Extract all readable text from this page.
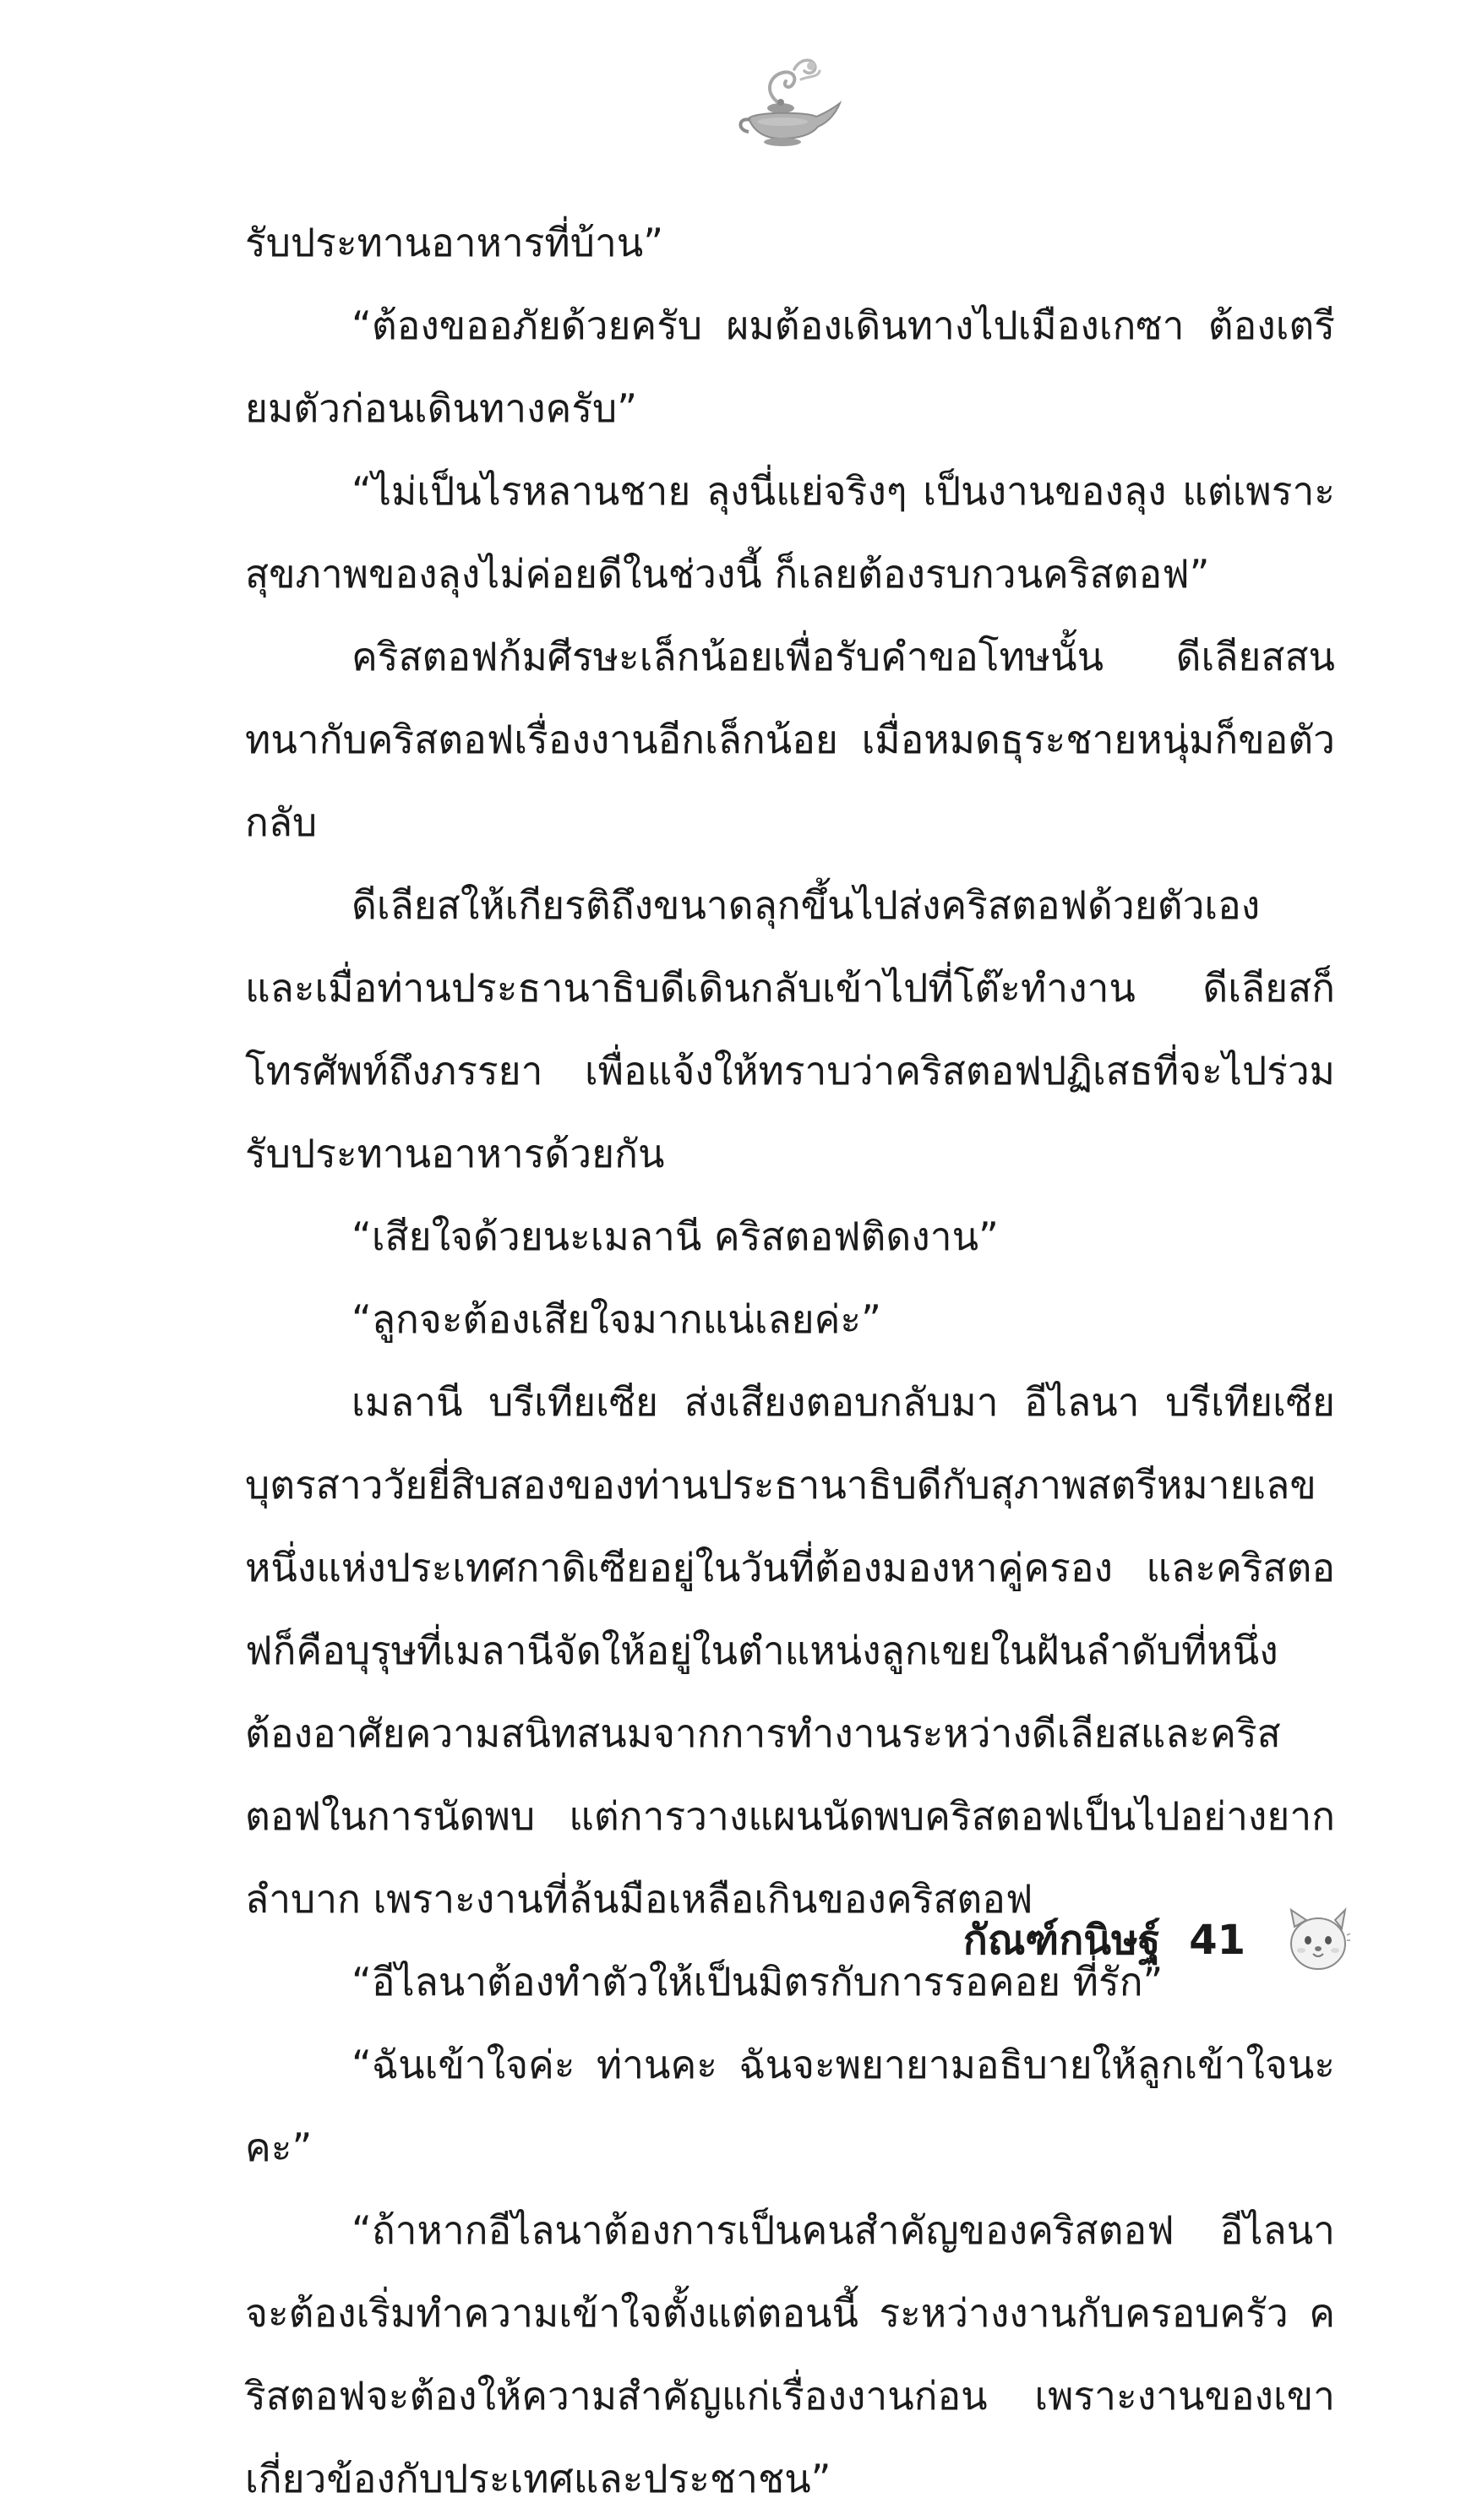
รับประทานอาหารที่บ้าน”

“ต้องขออภัยด้วยครับ ผมต้องเดินทางไปเมืองเกซา ต้องเตรียมตัวก่อนเดินทางครับ”

“ไม่เป็นไรหลานชาย ลุงนี่แย่จริงๆ เป็นงานของลุง แต่เพราะสุขภาพของลุงไม่ค่อยดีในช่วงนี้ ก็เลยต้องรบกวนคริสตอฟ”

คริสตอฟก้มศีรษะเล็กน้อยเพื่อรับคำขอโทษนั้น ดีเลียสสนทนากับคริสตอฟเรื่องงานอีกเล็กน้อย เมื่อหมดธุระชายหนุ่มก็ขอตัวกลับ

ดีเลียสให้เกียรติถึงขนาดลุกขึ้นไปส่งคริสตอฟด้วยตัวเอง และเมื่อท่านประธานาธิบดีเดินกลับเข้าไปที่โต๊ะทำงาน ดีเลียสก็โทรศัพท์ถึงภรรยา เพื่อแจ้งให้ทราบว่าคริสตอฟปฏิเสธที่จะไปร่วมรับประทานอาหารด้วยกัน

“เสียใจด้วยนะเมลานี คริสตอฟติดงาน”

“ลูกจะต้องเสียใจมากแน่เลยค่ะ”

เมลานี บรีเทียเซีย ส่งเสียงตอบกลับมา อีไลนา บรีเทียเซีย บุตรสาววัยยี่สิบสองของท่านประธานาธิบดีกับสุภาพสตรีหมายเลขหนึ่งแห่งประเทศกาดิเซียอยู่ในวันที่ต้องมองหาคู่ครอง และคริสตอฟก็คือบุรุษที่เมลานีจัดให้อยู่ในตำแหน่งลูกเขยในฝันลำดับที่หนึ่ง ต้องอาศัยความสนิทสนมจากการทำงานระหว่างดีเลียสและคริสตอฟในการนัดพบ แต่การวางแผนนัดพบคริสตอฟเป็นไปอย่างยากลำบาก เพราะงานที่ล้นมือเหลือเกินของคริสตอฟ

“อีไลนาต้องทำตัวให้เป็นมิตรกับการรอคอย ที่รัก”

“ฉันเข้าใจค่ะ ท่านคะ ฉันจะพยายามอธิบายให้ลูกเข้าใจนะคะ”

“ถ้าหากอีไลนาต้องการเป็นคนสำคัญของคริสตอฟ อีไลนาจะต้องเริ่มทำความเข้าใจตั้งแต่ตอนนี้ ระหว่างงานกับครอบครัว คริสตอฟจะต้องให้ความสำคัญแก่เรื่องงานก่อน เพราะงานของเขาเกี่ยวข้องกับประเทศและประชาชน”

กัณฑ์กนิษฐ์ 41
